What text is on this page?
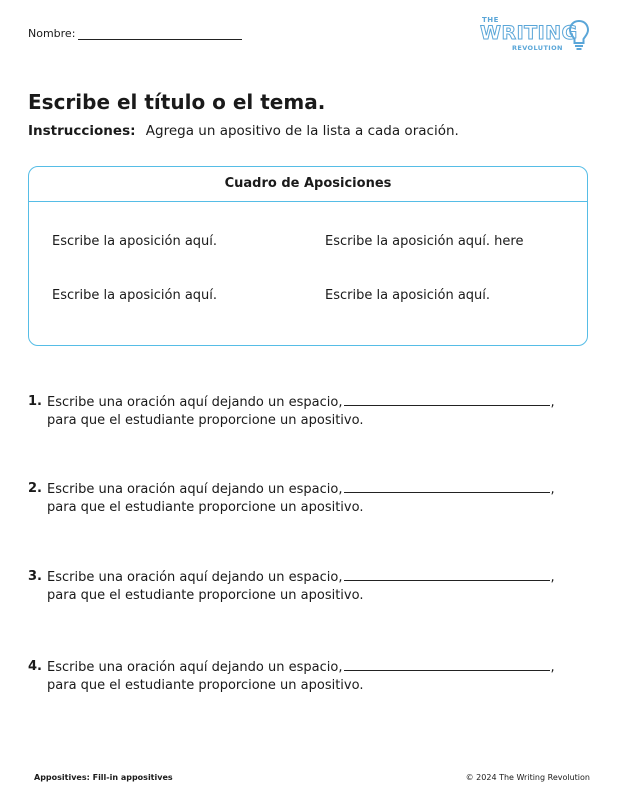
Nombre:
THE
WRITING
REVOLUTION
Escribe el título o el tema.
Instrucciones: Agrega un apositivo de la lista a cada oración.
Cuadro de Aposiciones
Escribe la aposición aquí.	Escribe la aposición aquí. here
Escribe la aposición aquí.	Escribe la aposición aquí.
1. Escribe una oración aquí dejando un espacio,	,
para que el estudiante proporcione un apositivo.
2. Escribe una oración aquí dejando un espacio,	,
para que el estudiante proporcione un apositivo.
3. Escribe una oración aquí dejando un espacio,	,
para que el estudiante proporcione un apositivo.
4. Escribe una oración aquí dejando un espacio,	,
para que el estudiante proporcione un apositivo.
Appositives: Fill-in appositives	© 2024 The Writing Revolution
